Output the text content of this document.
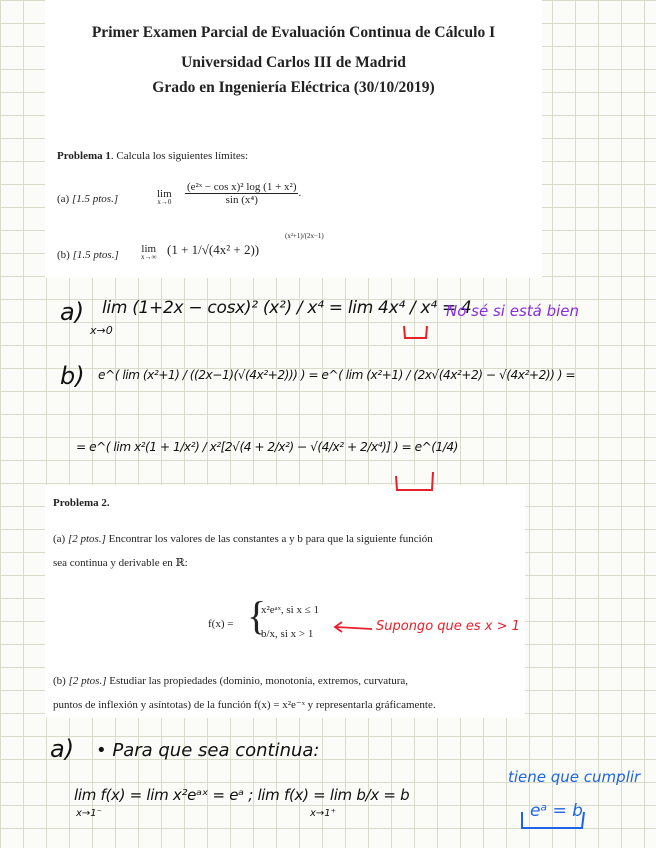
Primer Examen Parcial de Evaluación Continua de Cálculo I
Universidad Carlos III de Madrid
Grado en Ingeniería Eléctrica (30/10/2019)
Problema 1. Calcula los siguientes límites:
(a) [1.5 ptos.]	lim
$x\to 0 \frac{\text{(e²ˣ − cos x)² log (1 + x²)}}{\text{sin (x⁴)}}$ .
(b) [1.5 ptos.] lim
x→∞ (1 + 1/√(4x² + 2))
(x²+1)/(2x−1)
Problema 2.
(a) [2 ptos.] Encontrar los valores de las constantes a y b para que la siguiente función
sea continua y derivable en ℝ:
f(x) = {
x²eᵃˣ, si x ≤ 1
b/x, si x > 1
(b) [2 ptos.] Estudiar las propiedades (dominio, monotonía, extremos, curvatura,
puntos de inflexión y asíntotas) de la función f(x) = x²e⁻ˣ y representarla gráficamente.
a) lim (1+2x − cosx)² (x²) / x⁴ = lim 4x⁴ / x⁴ = 4
x→0
No sé si está bien
b) e^( lim (x²+1) / ((2x−1)(√(4x²+2))) ) = e^( lim (x²+1) / (2x√(4x²+2) − √(4x²+2)) ) =
= e^( lim x²(1 + 1/x²) / x²[2√(4 + 2/x²) − √(4/x² + 2/x⁴)] ) = e^(1/4)
Supongo que es x > 1
a) • Para que sea continua:
lim f(x) = lim x²eᵃˣ = eᵃ ; lim f(x) = lim b/x = b
x→1⁻	x→1⁺
tiene que cumplir
eᵃ = b
